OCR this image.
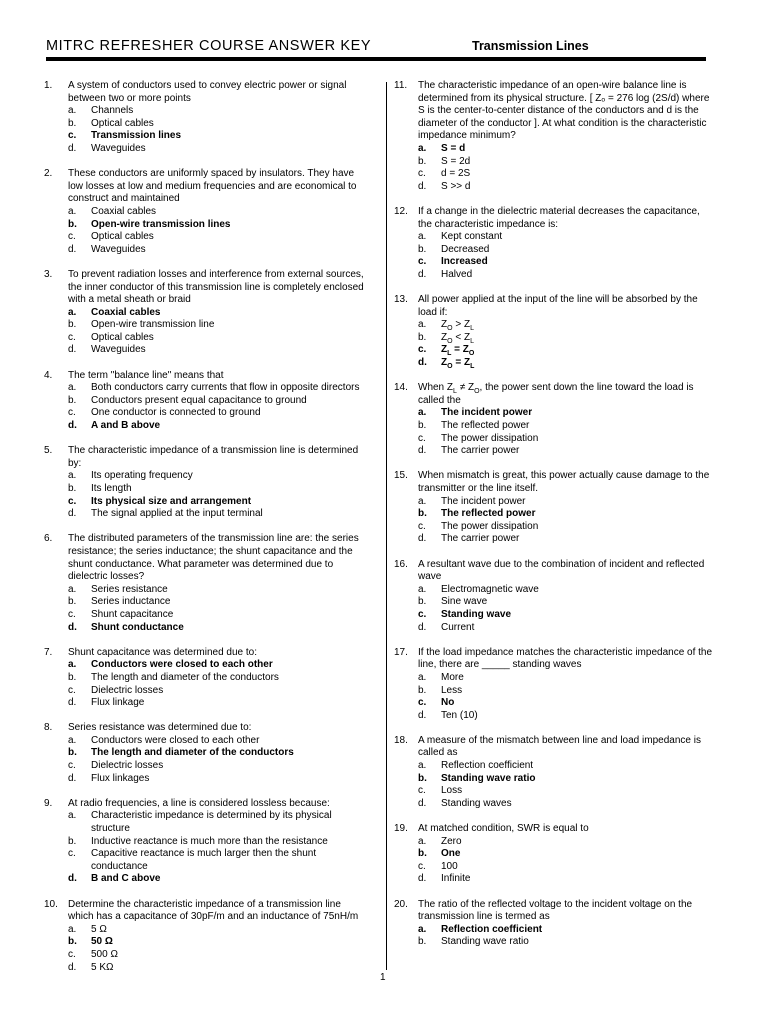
MITRC REFRESHER COURSE ANSWER KEY	Transmission Lines
1. A system of conductors used to convey electric power or signal between two or more points
a. Channels
b. Optical cables
c. Transmission lines
d. Waveguides
2. These conductors are uniformly spaced by insulators. They have low losses at low and medium frequencies and are economical to construct and maintained
a. Coaxial cables
b. Open-wire transmission lines
c. Optical cables
d. Waveguides
3. To prevent radiation losses and interference from external sources, the inner conductor of this transmission line is completely enclosed with a metal sheath or braid
a. Coaxial cables
b. Open-wire transmission line
c. Optical cables
d. Waveguides
4. The term "balance line" means that
a. Both conductors carry currents that flow in opposite directors
b. Conductors present equal capacitance to ground
c. One conductor is connected to ground
d. A and B above
5. The characteristic impedance of a transmission line is determined by:
a. Its operating frequency
b. Its length
c. Its physical size and arrangement
d. The signal applied at the input terminal
6. The distributed parameters of the transmission line are: the series resistance; the series inductance; the shunt capacitance and the shunt conductance. What parameter was determined due to dielectric losses?
a. Series resistance
b. Series inductance
c. Shunt capacitance
d. Shunt conductance
7. Shunt capacitance was determined due to:
a. Conductors were closed to each other
b. The length and diameter of the conductors
c. Dielectric losses
d. Flux linkage
8. Series resistance was determined due to:
a. Conductors were closed to each other
b. The length and diameter of the conductors
c. Dielectric losses
d. Flux linkages
9. At radio frequencies, a line is considered lossless because:
a. Characteristic impedance is determined by its physical structure
b. Inductive reactance is much more than the resistance
c. Capacitive reactance is much larger then the shunt conductance
d. B and C above
10. Determine the characteristic impedance of a transmission line which has a capacitance of 30pF/m and an inductance of 75nH/m
a. 5 Ω
b. 50 Ω
c. 500 Ω
d. 5 KΩ
11. The characteristic impedance of an open-wire balance line is determined from its physical structure. [ Zₒ = 276 log (2S/d) where S is the center-to-center distance of the conductors and d is the diameter of the conductor ]. At what condition is the characteristic impedance minimum?
a. S = d
b. S = 2d
c. d = 2S
d. S >> d
12. If a change in the dielectric material decreases the capacitance, the characteristic impedance is:
a. Kept constant
b. Decreased
c. Increased
d. Halved
13. All power applied at the input of the line will be absorbed by the load if:
a. $Z_O > Z_L$
b. $Z_O < Z_L$
c. $Z_L = Z_O$
d. $Z_O = Z_L$
14. When $Z_L \ne Z_O$, the power sent down the line toward the load is called the
a. The incident power
b. The reflected power
c. The power dissipation
d. The carrier power
15. When mismatch is great, this power actually cause damage to the transmitter or the line itself.
a. The incident power
b. The reflected power
c. The power dissipation
d. The carrier power
16. A resultant wave due to the combination of incident and reflected wave
a. Electromagnetic wave
b. Sine wave
c. Standing wave
d. Current
17. If the load impedance matches the characteristic impedance of the line, there are _____ standing waves
a. More
b. Less
c. No
d. Ten (10)
18. A measure of the mismatch between line and load impedance is called as
a. Reflection coefficient
b. Standing wave ratio
c. Loss
d. Standing waves
19. At matched condition, SWR is equal to
a. Zero
b. One
c. 100
d. Infinite
20. The ratio of the reflected voltage to the incident voltage on the transmission line is termed as
a. Reflection coefficient
b. Standing wave ratio
1
